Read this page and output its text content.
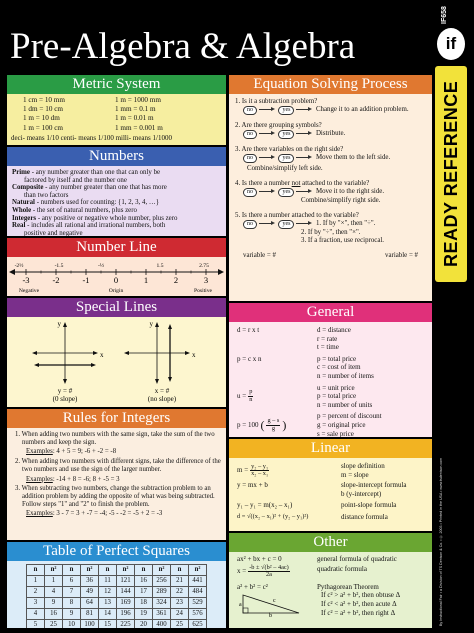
IF658
Pre-Algebra & Algebra	if
READY REFERENCE
By Instructional Fair • a Division of TS Denison & Co. • © 2003 • Printed in the USA • www.tsdenison.com
Metric System
1 cm = 10 mm	1 m = 1000 mm
1 dm = 10 cm	1 mm = 0.1 m
1 m = 10 dm	1 m = 0.01 m
1 m = 100 cm	1 mm = 0.001 m
deci- means 1/10 centi- means 1/100 milli- means 1/1000
Numbers

Prime - any number greater than one that can only be
factored by itself and the number one

Composite - any number greater than one that has more
than two factors

Natural - numbers used for counting: {1, 2, 3, 4, …}

Whole - the set of natural numbers, plus zero

Integers - any positive or negative whole number, plus zero

Real - includes all rational and irrational numbers, both
positive and negative

Number Line
-2½	-1.5	-½	1.5	2.75
-3	-2	-1	0	1	2	3
Negative	Origin	Positive
Special Lines
y
x
y = #
(0 slope)
y
x
x = #
(no slope)
Rules for Integers
1. When adding two numbers with the same sign, take the sum of the two numbers and keep the sign.
Examples: 4 + 5 = 9; -6 + -2 = -8
2. When adding two numbers with different signs, take the difference of the two numbers and use the sign of the larger number.
Examples: -14 + 8 = -6; 8 + -5 = 3
3. When subtracting two numbers, change the subtraction problem to an addition problem by adding the opposite of what was being subtracted. Follow steps "1" and "2" to finish the problem.
Examples: 3 - 7 = 3 + -7 = -4; -5 - -2 = -5 + 2 = -3
Table of Perfect Squares
n	n²	n	n²	n	n²	n	n²	n	n²
1	1	6	36	11	121	16	256	21	441
2	4	7	49	12	144	17	289	22	484
3	9	8	64	13	169	18	324	23	529
4	16	9	81	14	196	19	361	24	576
5	25	10	100	15	225	20	400	25	625
Equation Solving Process
1. Is it a subtraction problem?
no	yes	Change it to an addition problem.
2. Are there grouping symbols?
no	yes	Distribute.
3. Are there variables on the right side?
no	yes	Move them to the left side.
Combine/simplify left side.
4. Is there a number not attached to the variable?
no	yes	Move it to the right side.
Combine/simplify right side.
5. Is there a number attached to the variable?
no	yes	1. If by "×", then "÷".
2. If by "÷", then "×".
3. If a fraction, use reciprocal.
variable = #	variable = #
General
d = r x t	d = distance
r = rate
t = time
p = c x n	p = total price
c = cost of item
n = number of items
$u = \frac{p}{n}$
u = unit price
p = total price
n = number of units
p = 100 ( $\frac{g - s}{g}$ )
p = percent of discount
g = original price
s = sale price
Linear
$m = \frac{\text{y₂ – y₁}}{\text{x₂ – x₁}}$	slope definition
m = slope
y = mx + b	slope-intercept formula
b (y-intercept)
y₁ – y₁ = m(x₂ – x₁)	point-slope formula
d = √((x₂ – x₁)² + (y₂ – y₁)²)	distance formula
Other
ax² + bx + c = 0	general formula of quadratic
$x = \frac{\text{-b ± √(b² – 4ac)}}{2a}$	quadratic formula
a² + b² = c²
a
b
c
Pythagorean Theorem
If c² > a² + b², then obtuse Δ
If c² < a² + b², then acute Δ
If c² = a² + b², then right Δ
